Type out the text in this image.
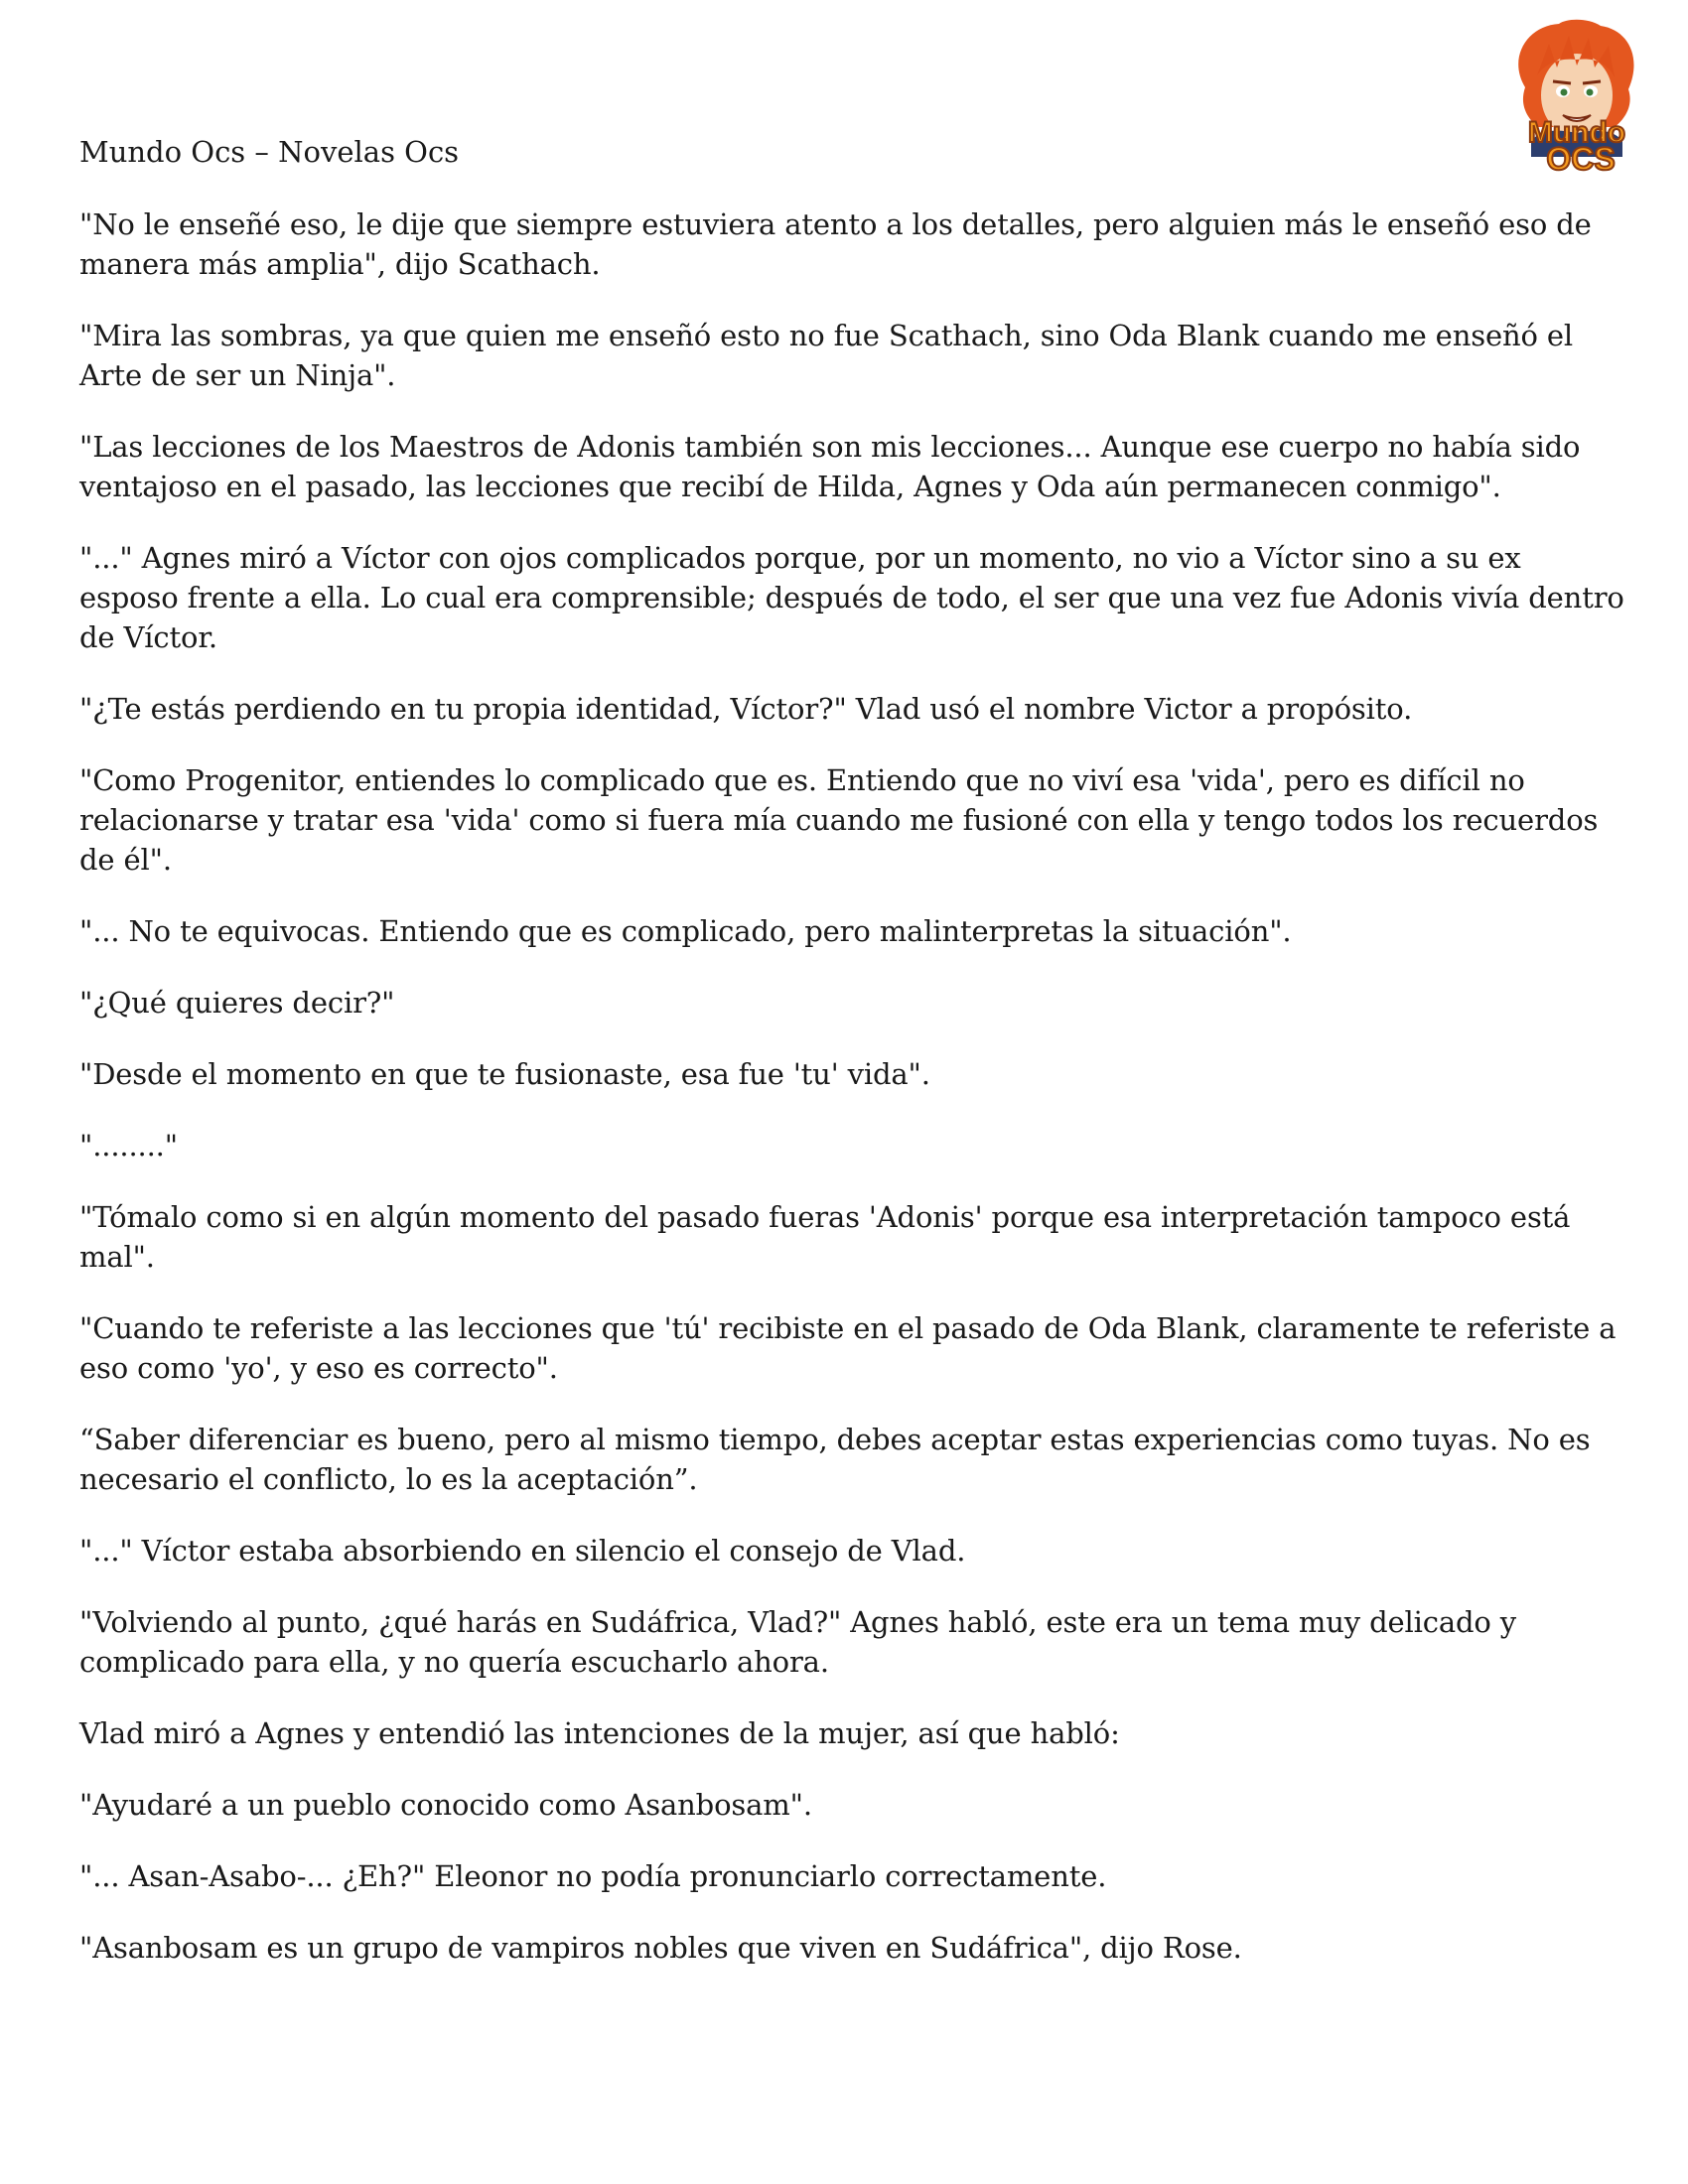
Mundo
OCS

Mundo Ocs – Novelas Ocs

"No le enseñé eso, le dije que siempre estuviera atento a los detalles, pero alguien más le enseñó eso de manera más amplia", dijo Scathach.

"Mira las sombras, ya que quien me enseñó esto no fue Scathach, sino Oda Blank cuando me enseñó el Arte de ser un Ninja".

"Las lecciones de los Maestros de Adonis también son mis lecciones... Aunque ese cuerpo no había sido ventajoso en el pasado, las lecciones que recibí de Hilda, Agnes y Oda aún permanecen conmigo".

"..." Agnes miró a Víctor con ojos complicados porque, por un momento, no vio a Víctor sino a su ex esposo frente a ella. Lo cual era comprensible; después de todo, el ser que una vez fue Adonis vivía dentro de Víctor.

"¿Te estás perdiendo en tu propia identidad, Víctor?" Vlad usó el nombre Victor a propósito.

"Como Progenitor, entiendes lo complicado que es. Entiendo que no viví esa 'vida', pero es difícil no relacionarse y tratar esa 'vida' como si fuera mía cuando me fusioné con ella y tengo todos los recuerdos de él".

"... No te equivocas. Entiendo que es complicado, pero malinterpretas la situación".

"¿Qué quieres decir?"

"Desde el momento en que te fusionaste, esa fue 'tu' vida".

"........"

"Tómalo como si en algún momento del pasado fueras 'Adonis' porque esa interpretación tampoco está mal".

"Cuando te referiste a las lecciones que 'tú' recibiste en el pasado de Oda Blank, claramente te referiste a eso como 'yo', y eso es correcto".

“Saber diferenciar es bueno, pero al mismo tiempo, debes aceptar estas experiencias como tuyas. No es necesario el conflicto, lo es la aceptación”.

"..." Víctor estaba absorbiendo en silencio el consejo de Vlad.

"Volviendo al punto, ¿qué harás en Sudáfrica, Vlad?" Agnes habló, este era un tema muy delicado y complicado para ella, y no quería escucharlo ahora.

Vlad miró a Agnes y entendió las intenciones de la mujer, así que habló:

"Ayudaré a un pueblo conocido como Asanbosam".

"... Asan-Asabo-... ¿Eh?" Eleonor no podía pronunciarlo correctamente.

"Asanbosam es un grupo de vampiros nobles que viven en Sudáfrica", dijo Rose.
